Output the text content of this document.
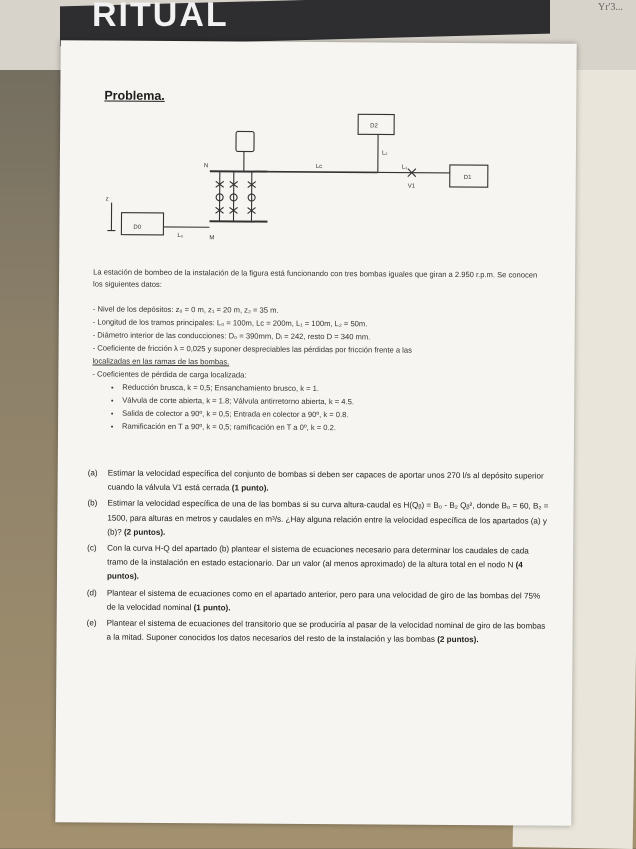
RITUAL	Yr'3...
Problema.
D0
D1
D2
N
M
L₀
Lc	L₁
L₂
V1
z
La estación de bombeo de la instalación de la figura está funcionando con tres bombas iguales que giran a 2.950 r.p.m. Se conocen los siguientes datos:
- Nivel de los depósitos: z₀ = 0 m, z₁ = 20 m, z₂ = 35 m.
- Longitud de los tramos principales: L₀ = 100m, Lc = 200m, L₁ = 100m, L₂ = 50m.
- Diámetro interior de las conducciones: D₀ = 390mm, Dᵢ = 242, resto D = 340 mm.
- Coeficiente de fricción λ = 0,025 y suponer despreciables las pérdidas por fricción frente a las
localizadas en las ramas de las bombas.
- Coeficientes de pérdida de carga localizada:
• Reducción brusca, k = 0,5; Ensanchamiento brusco, k = 1.
• Válvula de corte abierta, k = 1.8; Válvula antirretorno abierta, k = 4.5.
• Salida de colector a 90º, k = 0,5; Entrada en colector a 90º, k = 0.8.
• Ramificación en T a 90º, k = 0,5; ramificación en T a 0º, k = 0.2.
(a) Estimar la velocidad específica del conjunto de bombas si deben ser capaces de aportar unos 270 l/s al depósito superior cuando la válvula V1 está cerrada (1 punto).
(b) Estimar la velocidad específica de una de las bombas si su curva altura-caudal es H(Qᵦ) = B₀ - B₂ Qᵦ², donde B₀ = 60, B₂ = 1500, para alturas en metros y caudales en m³/s. ¿Hay alguna relación entre la velocidad específica de los apartados (a) y (b)? (2 puntos).
(c) Con la curva H-Q del apartado (b) plantear el sistema de ecuaciones necesario para determinar los caudales de cada tramo de la instalación en estado estacionario. Dar un valor (al menos aproximado) de la altura total en el nodo N (4 puntos).
(d) Plantear el sistema de ecuaciones como en el apartado anterior, pero para una velocidad de giro de las bombas del 75% de la velocidad nominal (1 punto).
(e) Plantear el sistema de ecuaciones del transitorio que se produciría al pasar de la velocidad nominal de giro de las bombas a la mitad. Suponer conocidos los datos necesarios del resto de la instalación y las bombas (2 puntos).
